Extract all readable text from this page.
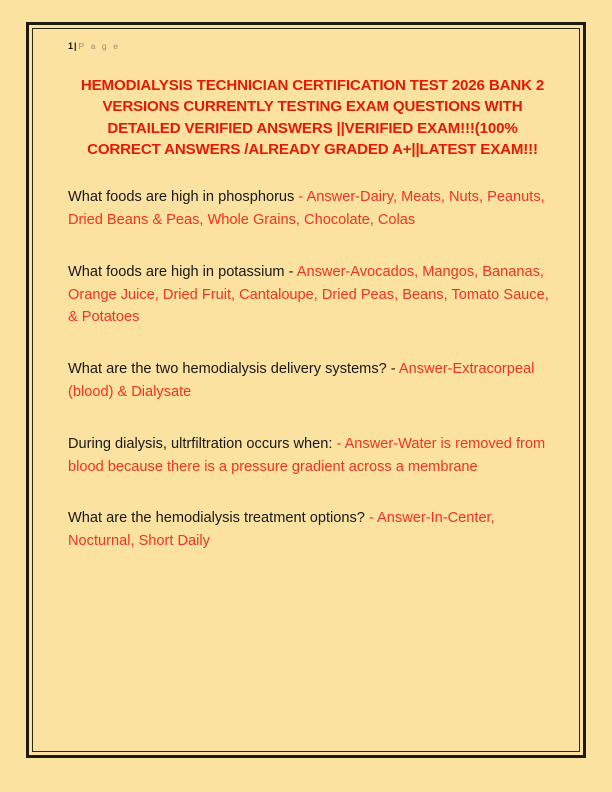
1| P a g e
HEMODIALYSIS TECHNICIAN CERTIFICATION TEST 2026 BANK 2 VERSIONS CURRENTLY TESTING EXAM QUESTIONS WITH DETAILED VERIFIED ANSWERS ||VERIFIED EXAM!!!(100% CORRECT ANSWERS /ALREADY GRADED A+||LATEST EXAM!!!
What foods are high in phosphorus - Answer-Dairy, Meats, Nuts, Peanuts, Dried Beans & Peas, Whole Grains, Chocolate, Colas
What foods are high in potassium - Answer-Avocados, Mangos, Bananas, Orange Juice, Dried Fruit, Cantaloupe, Dried Peas, Beans, Tomato Sauce, & Potatoes
What are the two hemodialysis delivery systems? - Answer-Extracorpeal (blood) & Dialysate
During dialysis, ultrfiltration occurs when: - Answer-Water is removed from blood because there is a pressure gradient across a membrane
What are the hemodialysis treatment options? - Answer-In-Center, Nocturnal, Short Daily
